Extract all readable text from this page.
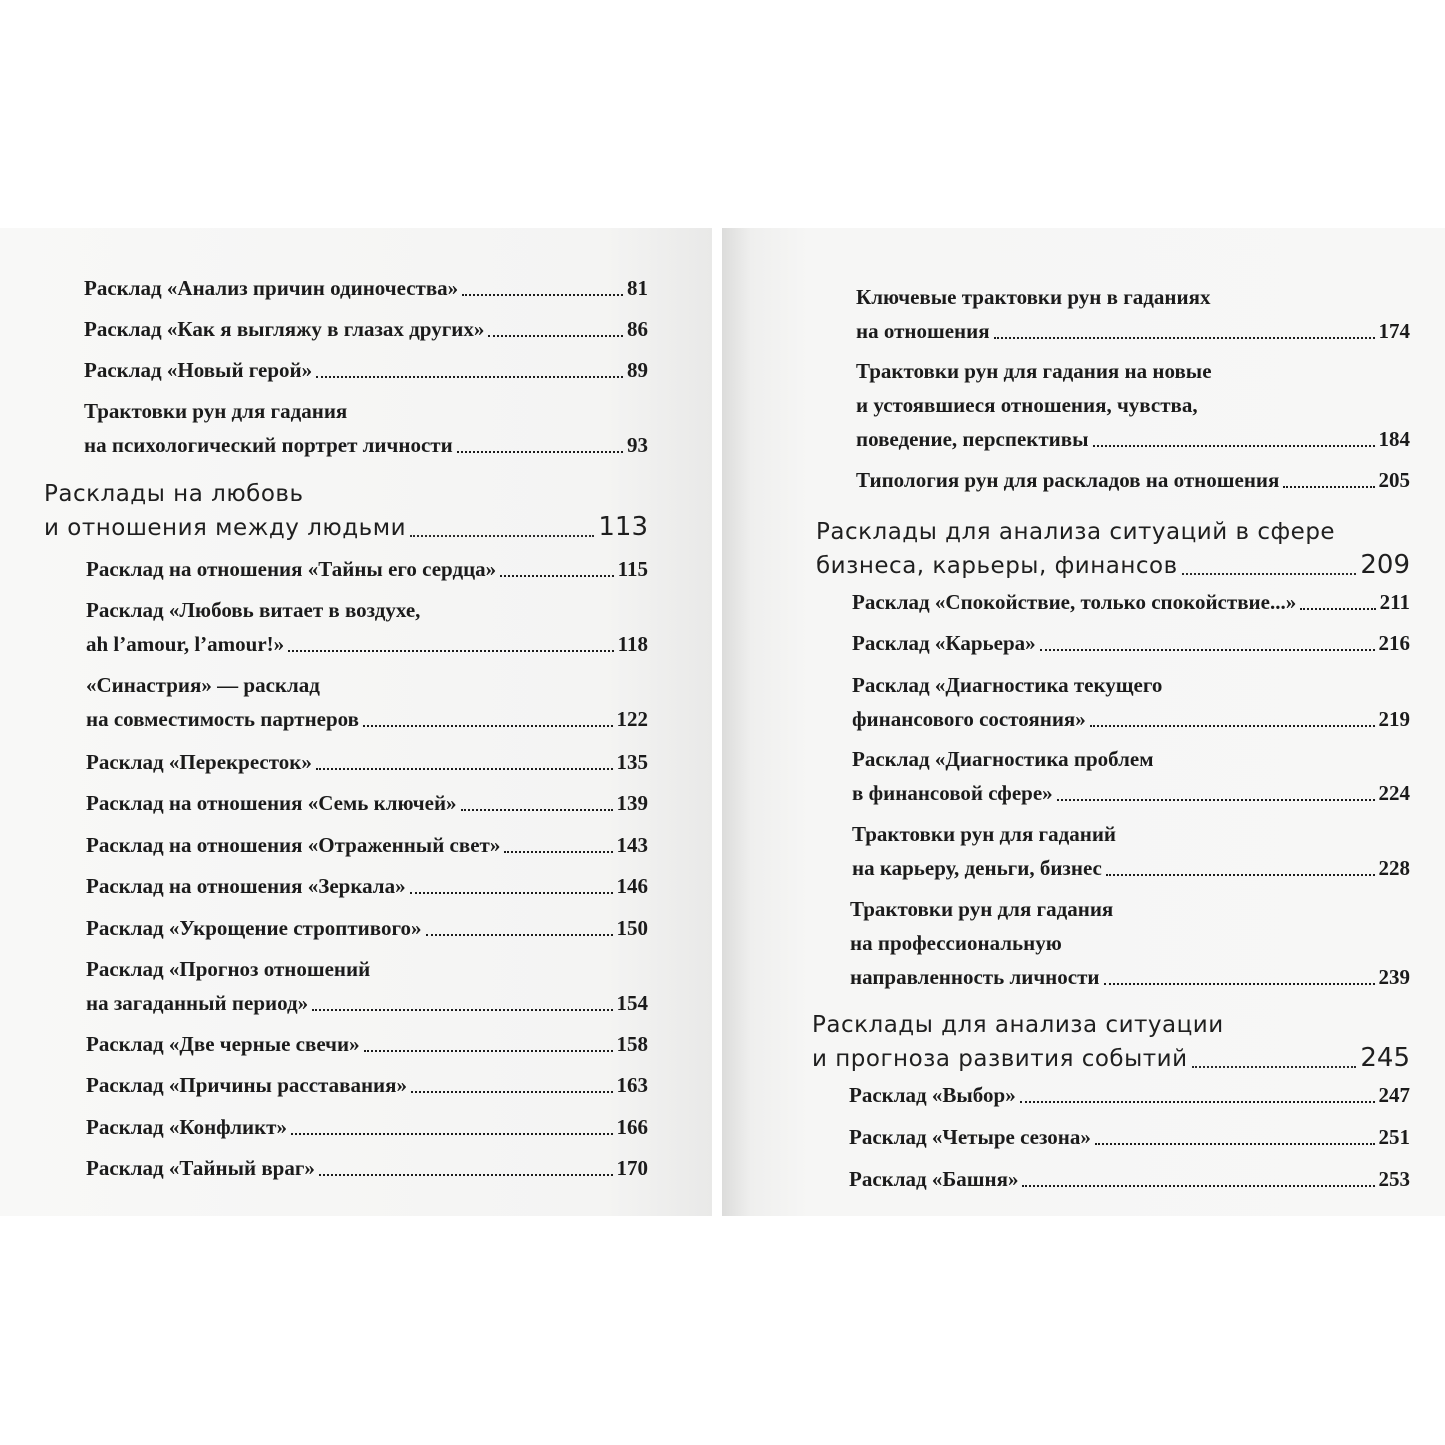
Расклад «Анализ причин одиночества»	81
Расклад «Как я выгляжу в глазах других»	86
Расклад «Новый герой»	89
Трактовки рун для гадания
на психологический портрет личности	93
Расклады на любовь
и отношения между людьми	113
Расклад на отношения «Тайны его сердца»	115
Расклад «Любовь витает в воздухе,
ah l’amour, l’amour!»	118
«Синастрия» — расклад
на совместимость партнеров	122
Расклад «Перекресток»	135
Расклад на отношения «Семь ключей»	139
Расклад на отношения «Отраженный свет»	143
Расклад на отношения «Зеркала»	146
Расклад «Укрощение строптивого»	150
Расклад «Прогноз отношений
на загаданный период»	154
Расклад «Две черные свечи»	158
Расклад «Причины расставания»	163
Расклад «Конфликт»	166
Расклад «Тайный враг»	170
Ключевые трактовки рун в гаданиях
на отношения	174
Трактовки рун для гадания на новые
и устоявшиеся отношения, чувства,
поведение, перспективы	184
Типология рун для раскладов на отношения	205
Расклады для анализа ситуаций в сфере
бизнеса, карьеры, финансов	209
Расклад «Спокойствие, только спокойствие...»	211
Расклад «Карьера»	216
Расклад «Диагностика текущего
финансового состояния»	219
Расклад «Диагностика проблем
в финансовой сфере»	224
Трактовки рун для гаданий
на карьеру, деньги, бизнес	228
Трактовки рун для гадания
на профессиональную
направленность личности	239
Расклады для анализа ситуации
и прогноза развития событий	245
Расклад «Выбор»	247
Расклад «Четыре сезона»	251
Расклад «Башня»	253
